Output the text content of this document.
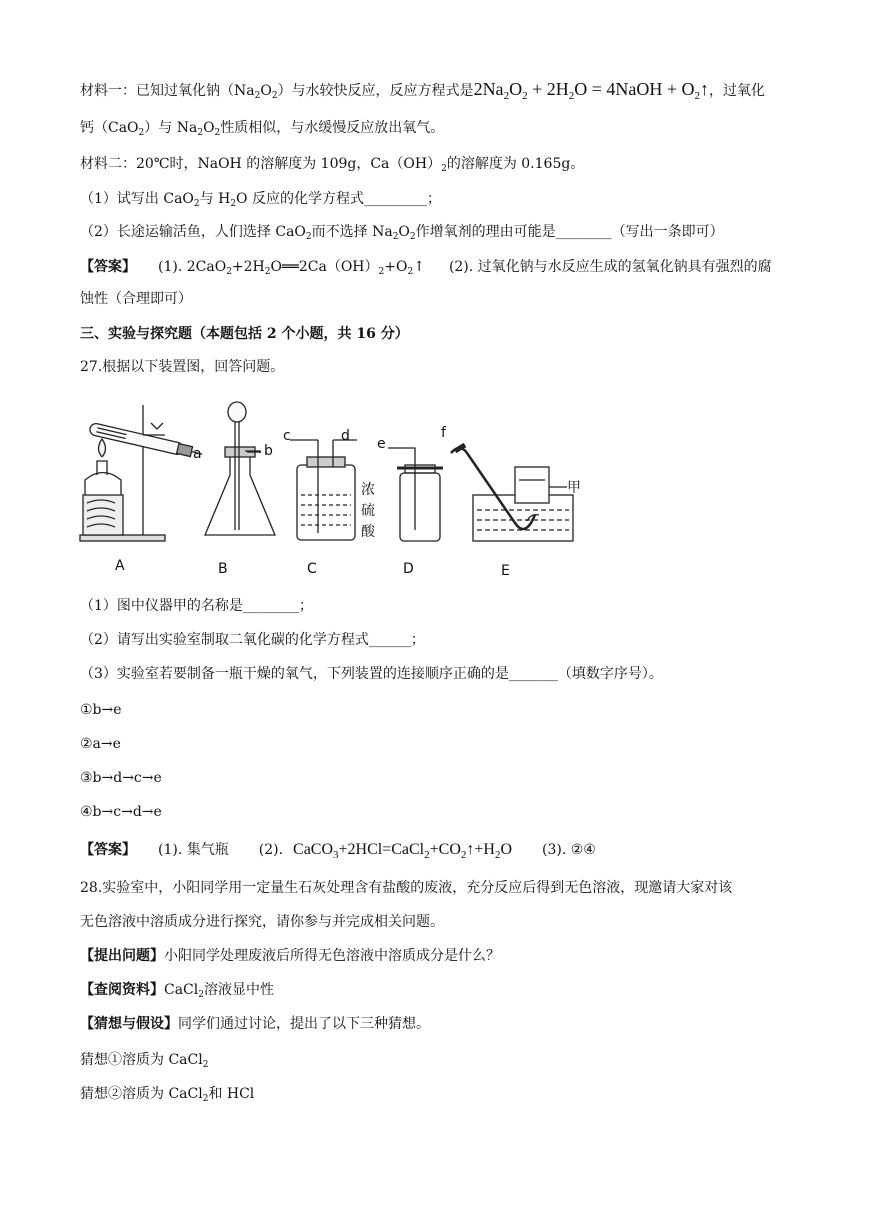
材料一：已知过氧化钠$(Na_2O_2)$与水较快反应，反应方程式是$2Na_2O_2 + 2H_2O$ = 4NaOH + $O_2↑$，过氧化
钙（CaO$_2$）与 $Na_2O_2$性质相似，与水缓慢反应放出氧气。
材料二：20℃时，NaOH 的溶解度为 109g，$Ca(OH)_2$的溶解度为 0.165g。
（1）试写出 CaO$_2$与 $H_2O$ 反应的化学方程式_________；
（2）长途运输活鱼，人们选择 CaO$_2$而不选择 $Na_2O_2$作增氧剂的理由可能是________（写出一条即可）
【答案】 (1). $2CaO_2+2H_2O══2Ca(OH)_2+O_2↑$ (2). 过氧化钠与水反应生成的氢氧化钠具有强烈的腐
蚀性（合理即可）
三、实验与探究题（本题包括 2 个小题，共 16 分）
27.根据以下装置图，回答问题。
a	b
c	d e
f
甲
浓
硫
酸
A	B	C	D	E
（1）图中仪器甲的名称是________；
（2）请写出实验室制取二氧化碳的化学方程式______；
（3）实验室若要制备一瓶干燥的氧气，下列装置的连接顺序正确的是_______（填数字序号）。
①b→e
②a→e
③b→d→c→e
④b→c→d→e
【答案】 (1). 集气瓶 (2). $CaCO_3+2HCl=CaCl_2+CO_2↑+H_2O$ (3). ②④
28.实验室中，小阳同学用一定量生石灰处理含有盐酸的废液，充分反应后得到无色溶液，现邀请大家对该
无色溶液中溶质成分进行探究，请你参与并完成相关问题。
【提出问题】小阳同学处理废液后所得无色溶液中溶质成分是什么？
【查阅资料】CaCl$_2$溶液显中性
【猜想与假设】同学们通过讨论，提出了以下三种猜想。
猜想①溶质为 CaCl$_2$
猜想②溶质为 CaCl$_2$和 HCl
